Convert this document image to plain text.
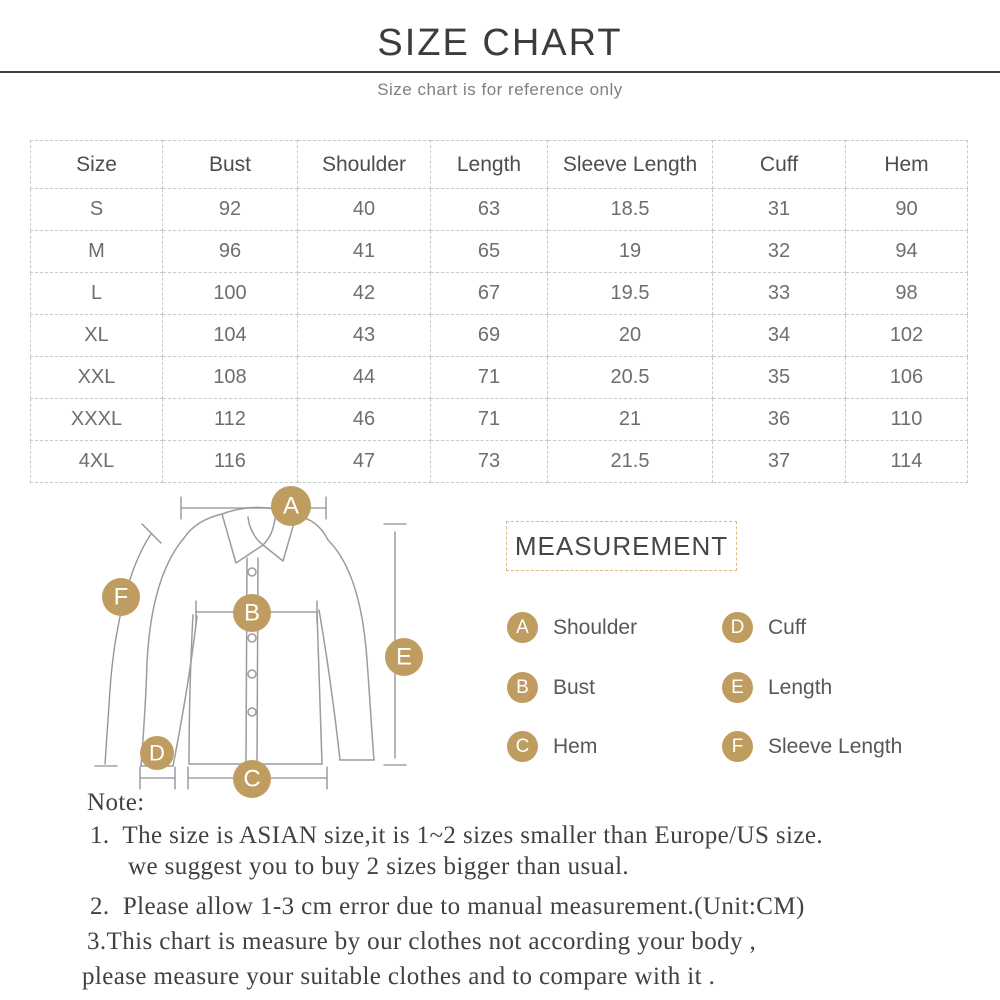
SIZE CHART
Size chart is for reference only
Size	Bust	Shoulder	Length	Sleeve Length	Cuff	Hem
S	92	40	63	18.5	31	90
M	96	41	65	19	32	94
L	100	42	67	19.5	33	98
XL	104	43	69	20	34	102
XXL	108	44	71	20.5	35	106
XXXL	112	46	71	21	36	110
4XL	116	47	73	21.5	37	114
A
B
C
D
E
F
MEASUREMENT
A	Shoulder
B	Bust
C	Hem
D	Cuff
E	Length
F	Sleeve Length
Note:
1.  The size is ASIAN size,it is 1~2 sizes smaller than Europe/US size.
we suggest you to buy 2 sizes bigger than usual.
2.  Please allow 1-3 cm error due to manual measurement.(Unit:CM)
3.This chart is measure by our clothes not according your body ,
please measure your suitable clothes and to compare with it .
